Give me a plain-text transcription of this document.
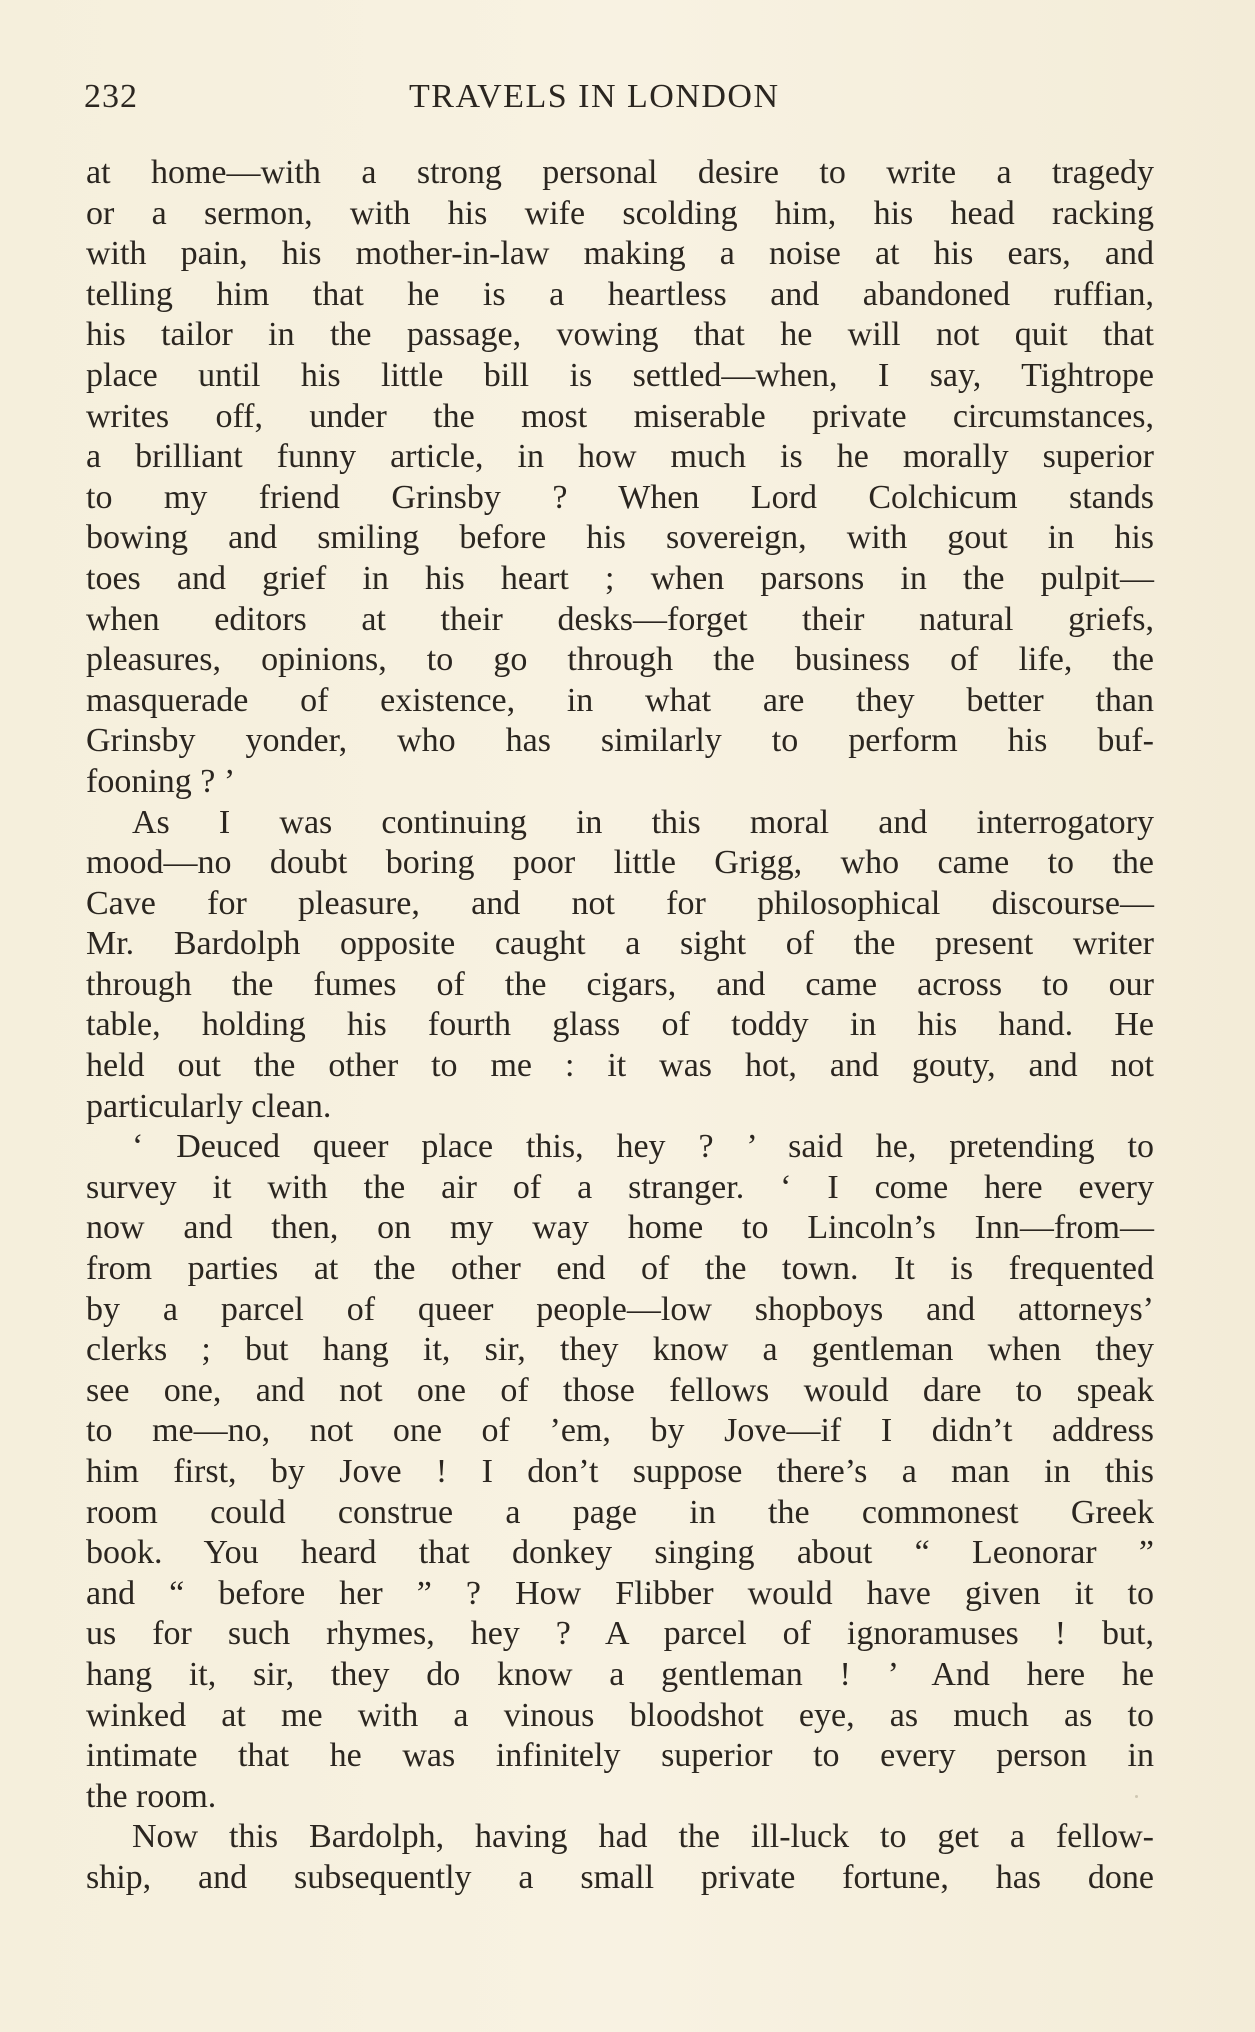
232	TRAVELS IN LONDON
at home—with a strong personal desire to write a tragedy
or a sermon, with his wife scolding him, his head racking
with pain, his mother-in-law making a noise at his ears, and
telling him that he is a heartless and abandoned ruffian,
his tailor in the passage, vowing that he will not quit that
place until his little bill is settled—when, I say, Tightrope
writes off, under the most miserable private circumstances,
a brilliant funny article, in how much is he morally superior
to my friend Grinsby ? When Lord Colchicum stands
bowing and smiling before his sovereign, with gout in his
toes and grief in his heart ; when parsons in the pulpit—
when editors at their desks—forget their natural griefs,
pleasures, opinions, to go through the business of life, the
masquerade of existence, in what are they better than
Grinsby yonder, who has similarly to perform his buf-
fooning ? ’
As I was continuing in this moral and interrogatory
mood—no doubt boring poor little Grigg, who came to the
Cave for pleasure, and not for philosophical discourse—
Mr. Bardolph opposite caught a sight of the present writer
through the fumes of the cigars, and came across to our
table, holding his fourth glass of toddy in his hand. He
held out the other to me : it was hot, and gouty, and not
particularly clean.
‘ Deuced queer place this, hey ? ’ said he, pretending to
survey it with the air of a stranger. ‘ I come here every
now and then, on my way home to Lincoln’s Inn—from—
from parties at the other end of the town. It is frequented
by a parcel of queer people—low shopboys and attorneys’
clerks ; but hang it, sir, they know a gentleman when they
see one, and not one of those fellows would dare to speak
to me—no, not one of ’em, by Jove—if I didn’t address
him first, by Jove ! I don’t suppose there’s a man in this
room could construe a page in the commonest Greek
book. You heard that donkey singing about “ Leonorar ”
and “ before her ” ? How Flibber would have given it to
us for such rhymes, hey ? A parcel of ignoramuses ! but,
hang it, sir, they do know a gentleman ! ’ And here he
winked at me with a vinous bloodshot eye, as much as to
intimate that he was infinitely superior to every person in
the room.
Now this Bardolph, having had the ill-luck to get a fellow-
ship, and subsequently a small private fortune, has done
